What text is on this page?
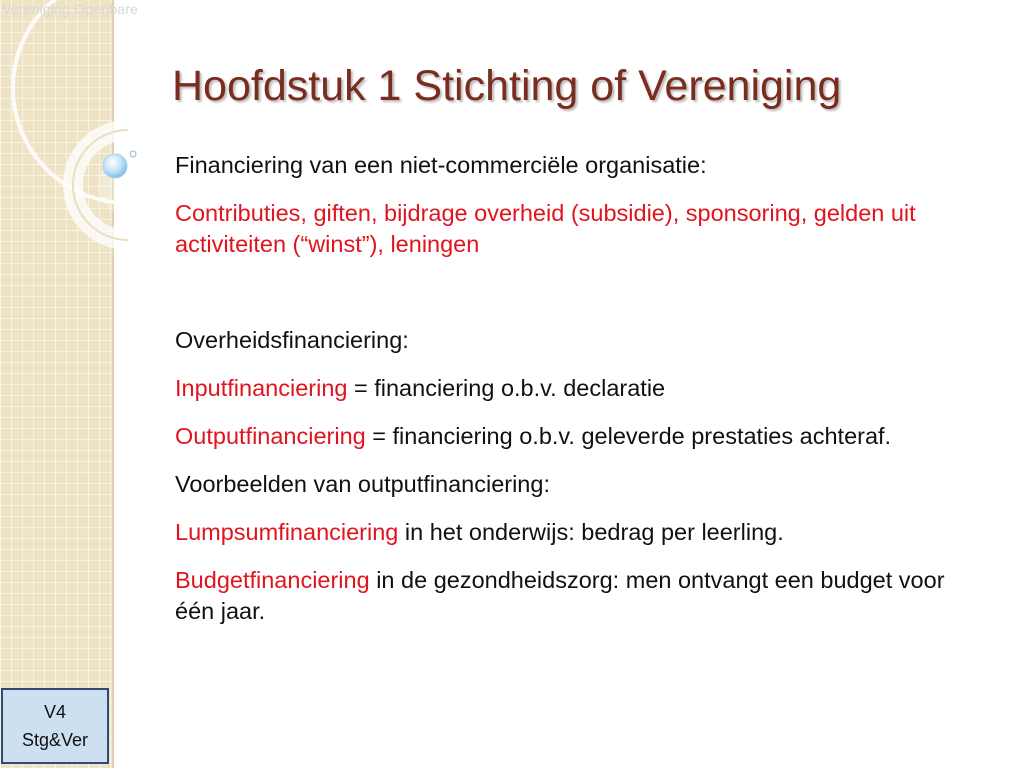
Vereniging Openbare
Hoofdstuk 1 Stichting of Vereniging

Financiering van een niet-commerciële organisatie:

Contributies, giften, bijdrage overheid (subsidie), sponsoring, gelden uit activiteiten (“winst”), leningen

Overheidsfinanciering:

Inputfinanciering = financiering o.b.v. declaratie

Outputfinanciering = financiering o.b.v. geleverde prestaties achteraf.

Voorbeelden van outputfinanciering:

Lumpsumfinanciering in het onderwijs: bedrag per leerling.

Budgetfinanciering in de gezondheidszorg: men ontvangt een budget voor één jaar.

V4
Stg&Ver
